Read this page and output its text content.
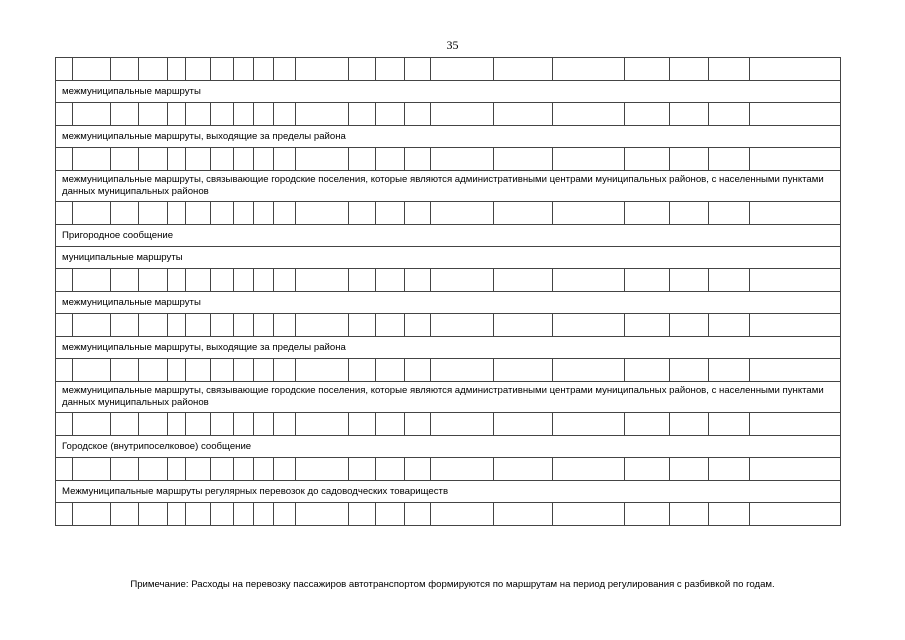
35

межмуниципальные маршруты																				

межмуниципальные маршруты, выходящие за пределы района																				

межмуниципальные маршруты, связывающие городские поселения, которые являются административными центрами муниципальных районов, с населенными пунктами данных муниципальных районов																				

Пригородное сообщение																				
муниципальные маршруты																				

межмуниципальные маршруты																				

межмуниципальные маршруты, выходящие за пределы района																				

межмуниципальные маршруты, связывающие городские поселения, которые являются административными центрами муниципальных районов, с населенными пунктами данных муниципальных районов																				

Городское (внутрипоселковое) сообщение																				

Межмуниципальные маршруты регулярных перевозок до садоводческих товариществ																				

Примечание: Расходы на перевозку пассажиров автотранспортом формируются по маршрутам на период регулирования с разбивкой по годам.
